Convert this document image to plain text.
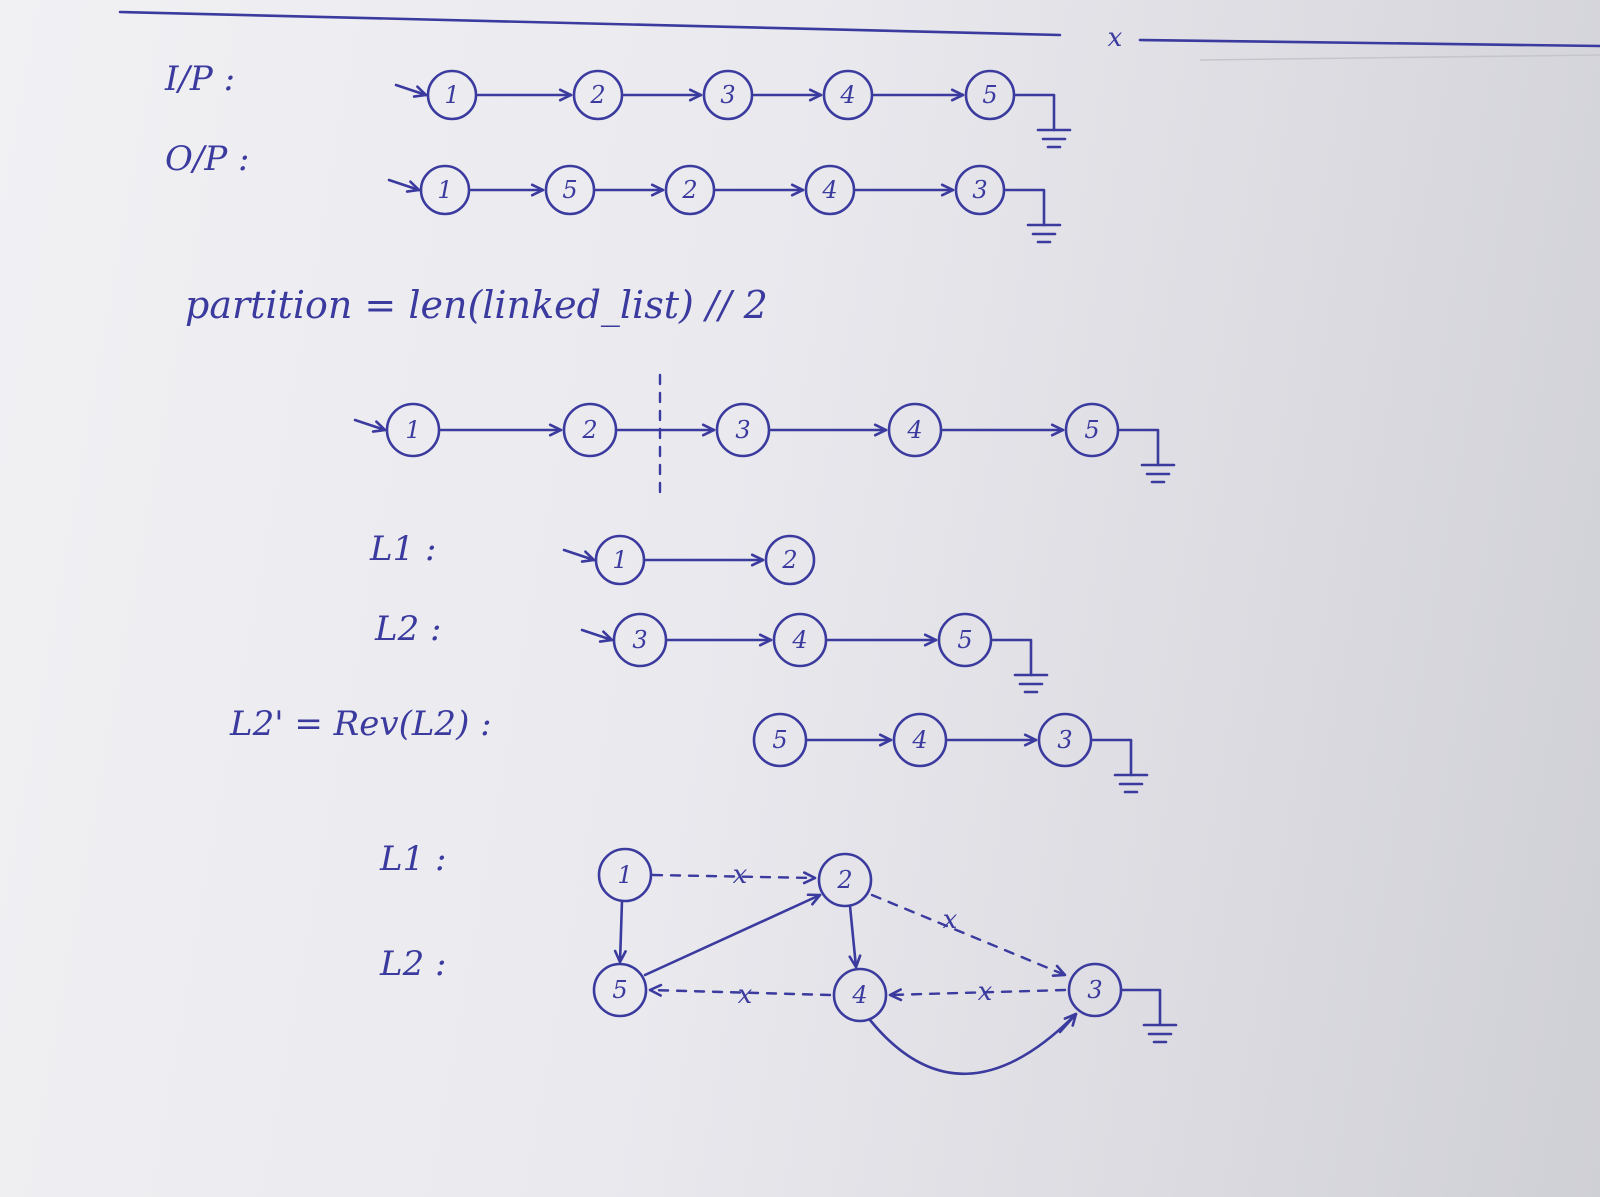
x
I/P :
O/P :
partition = len(linked_list) // 2
L1 :
L2 :
L2' = Rev(L2) :
L1 :
L2 :
1	2	3	4	5
1	5	2	4	3
1	2	3	4	5
1	2
3	4	5
5	4	3
1	2
3
4
5
x
x
x	x
